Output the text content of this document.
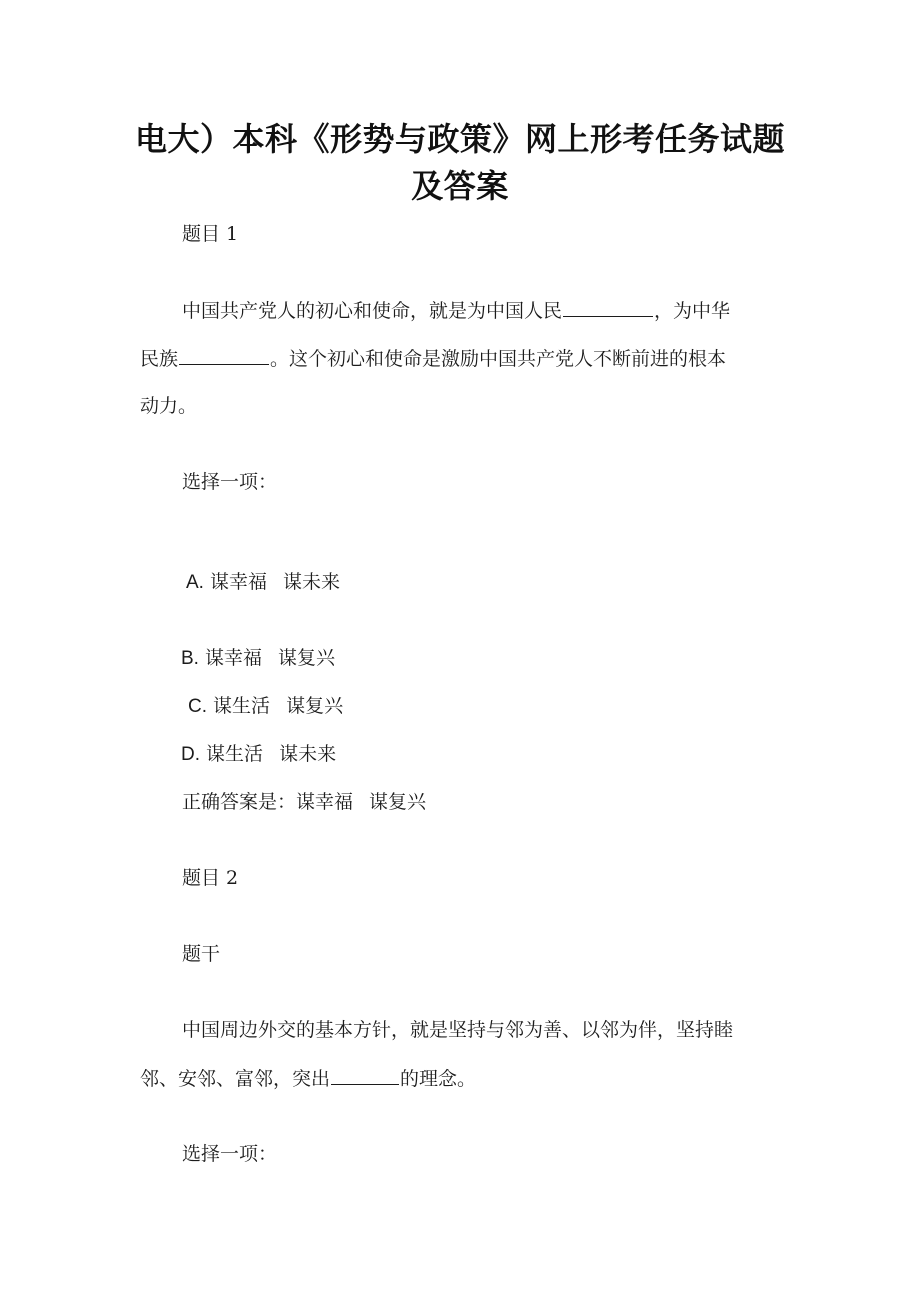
电大）本科《形势与政策》网上形考任务试题
及答案
题目 1
中国共产党人的初心和使命，就是为中国人民	，为中华
民族	。这个初心和使命是激励中国共产党人不断前进的根本
动力。
选择一项：
A. 谋幸福 谋未来
B. 谋幸福 谋复兴
C. 谋生活 谋复兴
D. 谋生活 谋未来
正确答案是：谋幸福 谋复兴
题目 2
题干
中国周边外交的基本方针，就是坚持与邻为善、以邻为伴，坚持睦
邻、安邻、富邻，突出	的理念。
选择一项：
